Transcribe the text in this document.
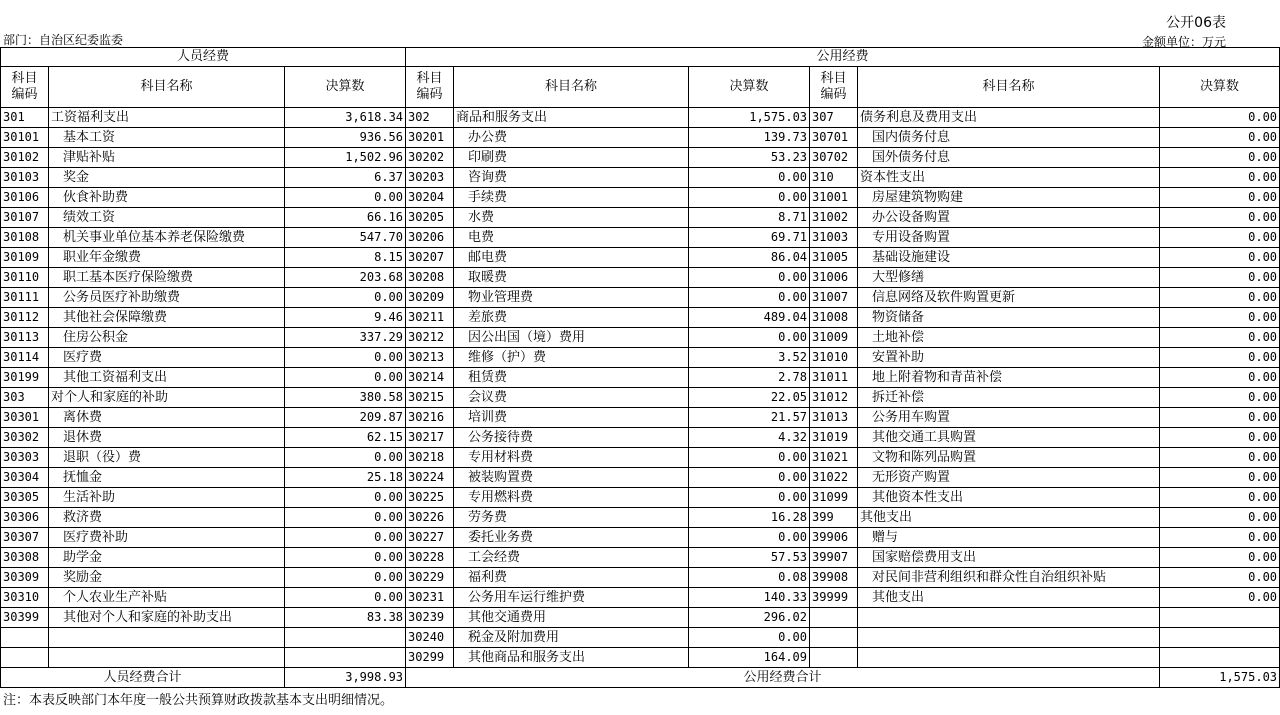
公开06表
部门：自治区纪委监委	金额单位：万元
人员经费			公用经费					
科目
编码	科目名称	决算数	科目
编码	科目名称	决算数	科目
编码	科目名称	决算数
301	工资福利支出	3,618.34	302	商品和服务支出	1,575.03	307	债务利息及费用支出	0.00
30101	基本工资	936.56	30201	办公费	139.73	30701	国内债务付息	0.00
30102	津贴补贴	1,502.96	30202	印刷费	53.23	30702	国外债务付息	0.00
30103	奖金	6.37	30203	咨询费	0.00	310	资本性支出	0.00
30106	伙食补助费	0.00	30204	手续费	0.00	31001	房屋建筑物购建	0.00
30107	绩效工资	66.16	30205	水费	8.71	31002	办公设备购置	0.00
30108	机关事业单位基本养老保险缴费	547.70	30206	电费	69.71	31003	专用设备购置	0.00
30109	职业年金缴费	8.15	30207	邮电费	86.04	31005	基础设施建设	0.00
30110	职工基本医疗保险缴费	203.68	30208	取暖费	0.00	31006	大型修缮	0.00
30111	公务员医疗补助缴费	0.00	30209	物业管理费	0.00	31007	信息网络及软件购置更新	0.00
30112	其他社会保障缴费	9.46	30211	差旅费	489.04	31008	物资储备	0.00
30113	住房公积金	337.29	30212	因公出国（境）费用	0.00	31009	土地补偿	0.00
30114	医疗费	0.00	30213	维修（护）费	3.52	31010	安置补助	0.00
30199	其他工资福利支出	0.00	30214	租赁费	2.78	31011	地上附着物和青苗补偿	0.00
303	对个人和家庭的补助	380.58	30215	会议费	22.05	31012	拆迁补偿	0.00
30301	离休费	209.87	30216	培训费	21.57	31013	公务用车购置	0.00
30302	退休费	62.15	30217	公务接待费	4.32	31019	其他交通工具购置	0.00
30303	退职（役）费	0.00	30218	专用材料费	0.00	31021	文物和陈列品购置	0.00
30304	抚恤金	25.18	30224	被装购置费	0.00	31022	无形资产购置	0.00
30305	生活补助	0.00	30225	专用燃料费	0.00	31099	其他资本性支出	0.00
30306	救济费	0.00	30226	劳务费	16.28	399	其他支出	0.00
30307	医疗费补助	0.00	30227	委托业务费	0.00	39906	赠与	0.00
30308	助学金	0.00	30228	工会经费	57.53	39907	国家赔偿费用支出	0.00
30309	奖励金	0.00	30229	福利费	0.08	39908	对民间非营利组织和群众性自治组织补贴	0.00
30310	个人农业生产补贴	0.00	30231	公务用车运行维护费	140.33	39999	其他支出	0.00
30399	其他对个人和家庭的补助支出	83.38	30239	其他交通费用	296.02			
			30240	税金及附加费用	0.00			
			30299	其他商品和服务支出	164.09			
人员经费合计		3,998.93	公用经费合计					1,575.03
注：本表反映部门本年度一般公共预算财政拨款基本支出明细情况。
